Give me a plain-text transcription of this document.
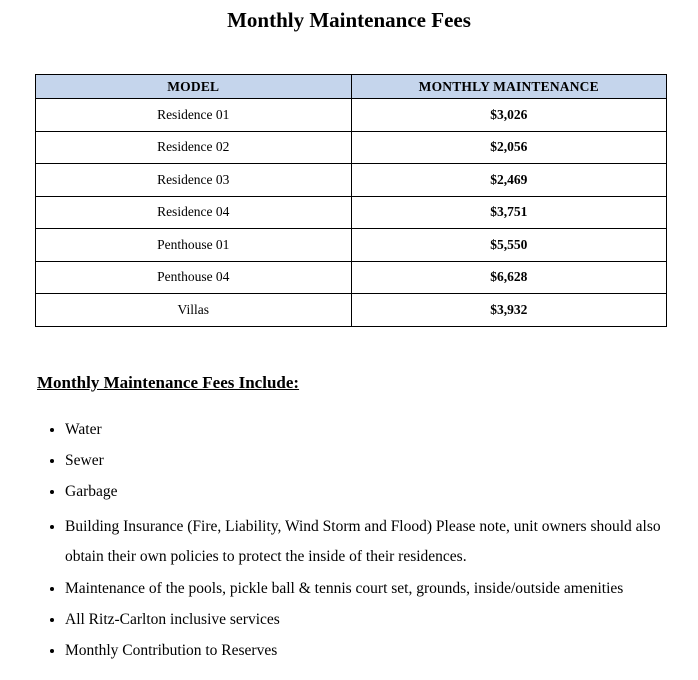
Monthly Maintenance Fees
MODEL	MONTHLY MAINTENANCE
Residence 01	$3,026
Residence 02	$2,056
Residence 03	$2,469
Residence 04	$3,751
Penthouse 01	$5,550
Penthouse 04	$6,628
Villas	$3,932
Monthly Maintenance Fees Include:
• Water
• Sewer
• Garbage
• Building Insurance (Fire, Liability, Wind Storm and Flood) Please note, unit owners should also obtain their own policies to protect the inside of their residences.
• Maintenance of the pools, pickle ball & tennis court set, grounds, inside/outside amenities
• All Ritz-Carlton inclusive services
• Monthly Contribution to Reserves
